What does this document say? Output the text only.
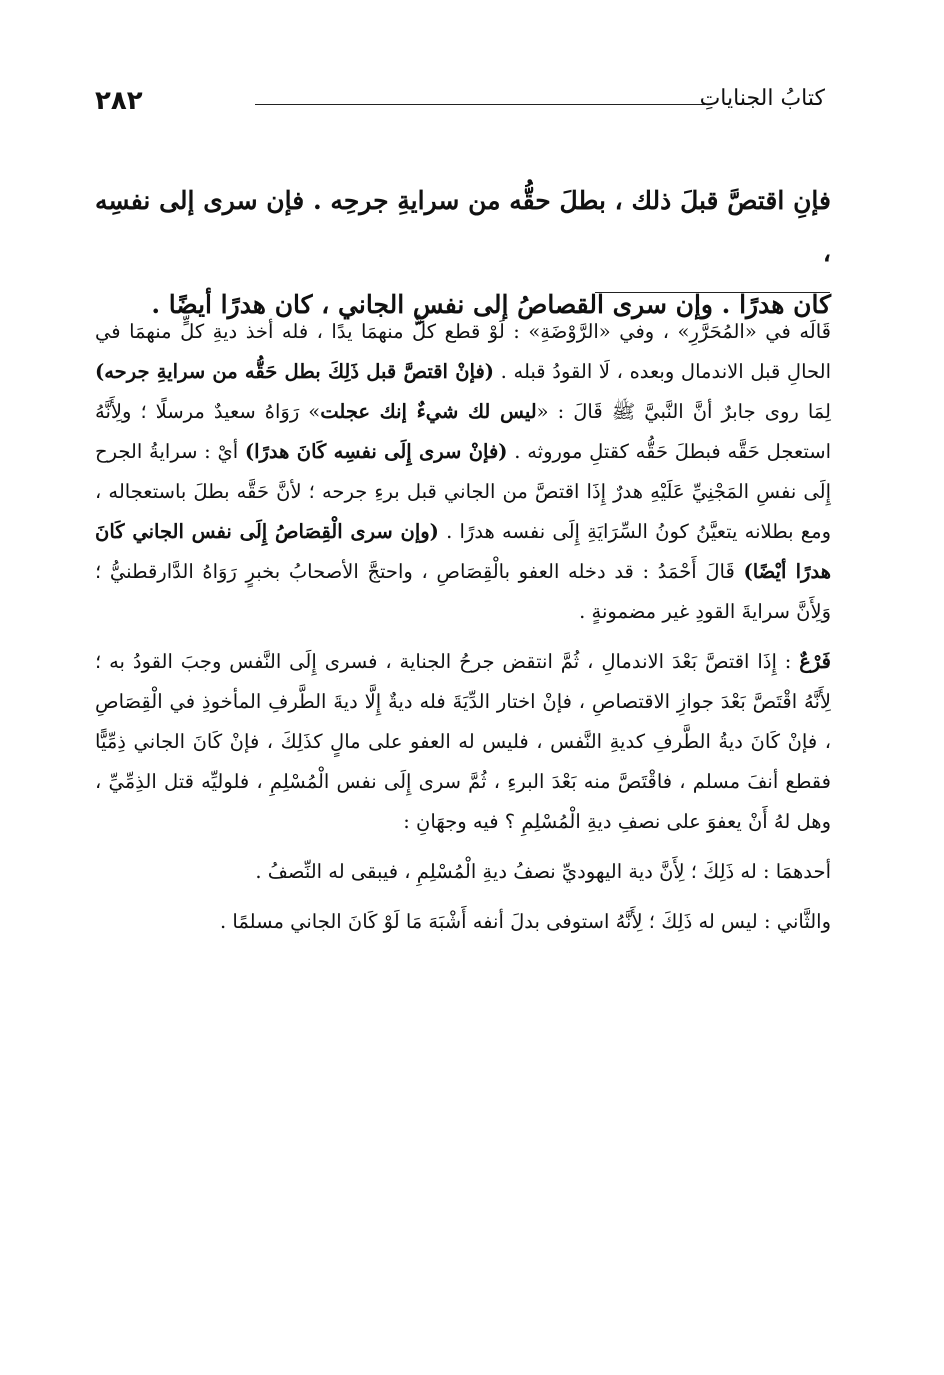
٢٨٢	كتابُ الجناياتِ

فإنِ اقتصَّ قبلَ ذلك ، بطلَ حقُّه من سرايةِ جرحِه . فإن سرى إلى نفسِه ،

كان هدرًا . وإن سرى القصاصُ إلى نفسِ الجاني ، كان هدرًا أيضًا .

قَالَه في «المُحَرَّرِ» ، وفي «الرَّوْضَةِ» : لَوْ قطع كلٌّ منهمَا يدًا ، فله أخذ ديةِ كلٍّ منهمَا في الحالِ قبل الاندمال وبعده ، لَا القودُ قبله . (فإنْ اقتصَّ قبل ذَلِكَ بطل حَقُّه من سرايةِ جرحه) لِمَا روى جابرٌ أنَّ النَّبيَّ ﷺ قَالَ : «ليس لك شيءٌ إنك عجلت» رَوَاهُ سعيدٌ مرسلًا ؛ ولِأَنَّهُ استعجل حَقَّه فبطلَ حَقُّه كقتلِ موروثه . (فإنْ سرى إِلَى نفسِه كَانَ هدرًا) أيْ : سرايةُ الجرح إِلَى نفسِ المَجْنِيِّ عَلَيْهِ هدرٌ إِذَا اقتصَّ من الجاني قبل برءِ جرحه ؛ لأنَّ حَقَّه بطلَ باستعجاله ، ومع بطلانه يتعيَّنُ كونُ السِّرَايَةِ إِلَى نفسه هدرًا . (وإن سرى الْقِصَاصُ إِلَى نفس الجاني كَانَ هدرًا أيْضًا) قَالَ أَحْمَدُ : قد دخله العفو بالْقِصَاصِ ، واحتجَّ الأصحابُ بخبرٍ رَوَاهُ الدَّارقطنيُّ ؛ وَلِأَنَّ سرايةَ القودِ غير مضمونةٍ .

فَرْعٌ : إِذَا اقتصَّ بَعْدَ الاندمالِ ، ثُمَّ انتقض جرحُ الجناية ، فسرى إِلَى النَّفس وجبَ القودُ به ؛ لِأَنَّهُ اقْتَصَّ بَعْدَ جوازِ الاقتصاصِ ، فإنْ اختار الدِّيَةَ فله ديةٌ إِلَّا ديةَ الطَّرفِ المأخوذِ في الْقِصَاصِ ، فإنْ كَانَ ديةُ الطَّرفِ كديةِ النَّفس ، فليس له العفو على مالٍ كذَلِكَ ، فإنْ كَانَ الجاني ذِمِّيًّا فقطع أنفَ مسلم ، فاقْتَصَّ منه بَعْدَ البرءِ ، ثُمَّ سرى إِلَى نفس الْمُسْلِمِ ، فلوليِّه قتل الذِمِّيِّ ، وهل لهُ أَنْ يعفوَ على نصفِ ديةِ الْمُسْلِمِ ؟ فيه وجهَانِ :

أحدهمَا : له ذَلِكَ ؛ لِأَنَّ دية اليهوديِّ نصفُ ديةِ الْمُسْلِمِ ، فيبقى له النِّصفُ .

والثَّاني : ليس له ذَلِكَ ؛ لِأَنَّهُ استوفى بدلَ أنفه أَشْبَهَ مَا لَوْ كَانَ الجاني مسلمًا .
